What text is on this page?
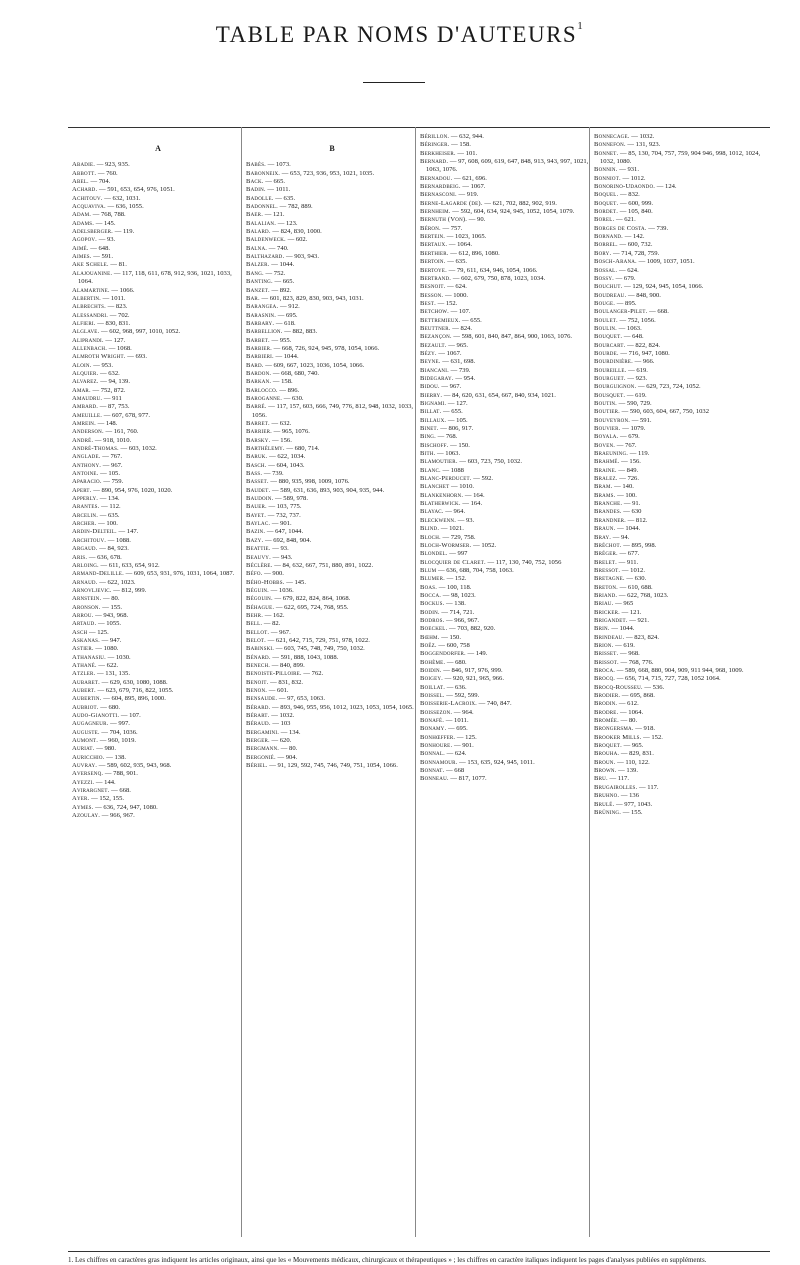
TABLE PAR NOMS D'AUTEURS$^1$
A
Abadie. — 923, 935.
Abbott. — 760.
Abel. — 704.
Achard. — 591, 653, 654, 976, 1051.
Achitouv. — 632, 1031.
Acquaviva. — 636, 1055.
Adam. — 768, 788.
Adams. — 145.
Adelsberger. — 119.
Agopov. — 93.
Aimé. — 648.
Aimes. — 591.
Ake Schele. — 81.
Alajouanine. — 117, 118, 611, 678, 912, 936, 1021, 1033, 1064.
Alamartine. — 1066.
Albertin. — 1011.
Albrechts. — 823.
Alessandri. — 702.
Alfieri. — 830, 831.
Alglave. — 602, 968, 997, 1010, 1052.
Aliprandi. — 127.
Allenbach. — 1068.
Almroth Wright. — 693.
Aloin. — 953.
Alquier. — 632.
Alvarez. — 94, 139.
Amar. — 752, 872.
Amaudru. — 911
Ambard. — 87, 753.
Ameuille. — 607, 678, 977.
Amrein. — 148.
Anderson. — 161, 760.
André. — 918, 1010.
André-Thomas. — 603, 1032.
Anglade. — 767.
Anthony. — 967.
Antoine. — 105.
Aparacio. — 759.
Apert. — 890, 954, 976, 1020, 1020.
Apperly. — 134.
Arantes. — 112.
Arcelin. — 635.
Archer. — 100.
Ardin-Delteil. — 147.
Architouv. — 1088.
Argaud. — 84, 923.
Aris. — 636, 678.
Arloing. — 611, 633, 654, 912.
Armand-Delille. — 609, 653, 931, 976, 1031, 1064, 1087.
Arnaud. — 622, 1023.
Arnovljevic. — 812, 999.
Arnstein. — 80.
Aronson. — 155.
Arrou. — 943, 968.
Artaud. — 1055.
Asch — 125.
Askanas. — 947.
Astier. — 1080.
Athanasiu. — 1030.
Athané. — 622.
Atzler. — 131, 135.
Aubaret. — 629, 630, 1080, 1088.
Aubert. — 623, 679, 716, 822, 1055.
Aubertin. — 604, 895, 896, 1000.
Aubriot. — 680.
Audo-Gianotti. — 107.
Augagneur. — 997.
Auguste. — 704, 1036.
Aumont. — 960, 1019.
Auriat. — 980.
Auricchio. — 138.
Auvray. — 589, 602, 935, 943, 968.
Aversenq. — 788, 901.
Ayezzi. — 144.
Avirargnet. — 668.
Ayer. — 152, 155.
Aymes. — 636, 724, 947, 1080.
Azoulay. — 966, 967.
B
Babès. — 1073.
Babonneix. — 653, 723, 936, 953, 1021, 1035.
Back. — 665.
Badin. — 1011.
Badolle. — 635.
Badonnel. — 782, 889.
Baer. — 121.
Balalian. — 123.
Balard. — 824, 830, 1000.
Baldenweck. — 602.
Balna. — 740.
Balthazard. — 903, 943.
Balzer. — 1044.
Bang. — 752.
Banting. — 665.
Banzet. — 892.
Bar. — 601, 823, 829, 830, 903, 943, 1031.
Barangea. — 912.
Barasnin. — 695.
Barbary. — 618.
Barbellion. — 882, 883.
Barbet. — 955.
Barbier. — 668, 726, 924, 945, 978, 1054, 1066.
Barbieri. — 1044.
Bard. — 609, 667, 1023, 1036, 1054, 1066.
Bardon. — 668, 680, 740.
Barkan. — 158.
Barlocco. — 896.
Baroganne. — 630.
Barré. — 117, 157, 603, 666, 749, 776, 812, 948, 1032, 1033, 1056.
Barret. — 632.
Barrier. — 965, 1076.
Barsky. — 156.
Barthélemy. — 680, 714.
Baruk. — 622, 1034.
Basch. — 604, 1043.
Bass. — 739.
Basset. — 880, 935, 998, 1009, 1076.
Baudet. — 589, 631, 636, 893, 903, 904, 935, 944.
Baudoin. — 589, 978.
Bauer. — 103, 775.
Bayet. — 732, 737.
Baylac. — 901.
Bazin. — 647, 1044.
Bazy. — 692, 848, 904.
Beattie. — 93.
Beauvy. — 943.
Béclère. — 84, 632, 667, 751, 880, 891, 1022.
Béfo. — 900.
Bého-Hobbs. — 145.
Béguin. — 1036.
Bégouin. — 679, 822, 824, 864, 1068.
Béhague. — 622, 695, 724, 768, 955.
Behr. — 162.
Bell. — 82.
Bellot. — 967.
Belot. — 621, 642, 715, 729, 751, 978, 1022.
Babinski. — 603, 745, 748, 749, 750, 1032.
Bénard. — 591, 888, 1043, 1088.
Benech. — 840, 899.
Benoiste-Pilloire. — 762.
Benoit. — 831, 832.
Benon. — 601.
Bensaude. — 97, 653, 1063.
Bérard. — 893, 946, 955, 956, 1012, 1023, 1053, 1054, 1065.
Bérart. — 1032.
Béraud. — 103
Bergamini. — 134.
Berger. — 620.
Bergmann. — 80.
Bergonié. — 904.
Bériel. — 91, 129, 592, 745, 746, 749, 751, 1054, 1066.
Bérillon. — 632, 944.
Béringer. — 158.
Berkheiser. — 101.
Bernard. — 97, 608, 609, 619, 647, 848, 913, 943, 997, 1021, 1063, 1076.
Bernadou. — 621, 696.
Bernardbeig. — 1067.
Bernasconi. — 919.
Berne-Lagarde (de). — 621, 702, 882, 902, 919.
Bernheim. — 592, 604, 634, 924, 945, 1052, 1054, 1079.
Bernuth (Von). — 90.
Béron. — 757.
Bertein. — 1023, 1065.
Bertaux. — 1064.
Berthier. — 612, 896, 1080.
Bertoin. — 635.
Bertoye. — 79, 611, 634, 946, 1054, 1066.
Bertrand. — 602, 679, 750, 878, 1023, 1034.
Besnoit. — 624.
Besson. — 1000.
Best. — 152.
Betchow. — 107.
Bettremieux. — 655.
Beuttner. — 824.
Bezançon. — 598, 601, 840, 847, 864, 900, 1063, 1076.
Bezault. — 965.
Bézy. — 1067.
Beyne. — 631, 698.
Biancani. — 739.
Bidegaray. — 954.
Bidou. — 967.
Bierry. — 84, 620, 631, 654, 667, 840, 934, 1021.
Bignami. — 127.
Billat. — 655.
Billaux. — 105.
Binet. — 806, 917.
Bing. — 768.
Bischoff. — 150.
Bith. — 1063.
Blamoutier. — 603, 723, 750, 1032.
Blanc. — 1088
Blanc-Perducet. — 592.
Blanchet — 1010.
Blankenhorn. — 164.
Blatherwick. — 164.
Blayac. — 964.
Bleckwenn. — 93.
Blind. — 1021.
Bloch. — 729, 758.
Bloch-Wormser. — 1052.
Blondel. — 997
Blocquier de Claret. — 117, 130, 740, 752, 1056
Blum — 636, 688, 704, 758, 1063.
Blumer. — 152.
Boas. — 100, 118.
Bocca. — 98, 1023.
Bockus. — 138.
Bodin. — 714, 721.
Bodros. — 966, 967.
Boeckel. — 703, 882, 920.
Bœhm. — 150.
Boëz. — 600, 758
Boggendorfer. — 149.
Bohème. — 680.
Boidin. — 846, 917, 976, 999.
Boigey. — 920, 921, 965, 966.
Boillat. — 636.
Boissel. — 592, 599.
Boisserie-Lacroix. — 740, 847.
Boissezon. — 964.
Bonafé. — 1011.
Bonamy. — 695.
Bonhœffer. — 125.
Bonhoure. — 901.
Bonnal. — 624.
Bonnamour. — 153, 635, 924, 945, 1011.
Bonnat. — 668
Bonneau. — 817, 1077.
Bonnecage. — 1032.
Bonnefon. — 131, 923.
Bonnet. — 85, 130, 704, 757, 759, 904 946, 998, 1012, 1024, 1032, 1080.
Bonnin. — 931.
Bonniot. — 1012.
Bonorino-Udaondo. — 124.
Boquel. — 832.
Boquet. — 600, 999.
Bordet. — 105, 840.
Borel. — 621.
Borges de Costa. — 739.
Bornand. — 142.
Borrel. — 600, 732.
Bory. — 714, 728, 759.
Bosch-Arana. — 1009, 1037, 1051.
Bossal. — 624.
Bossy. — 679.
Bouchut. — 129, 924, 945, 1054, 1066.
Boudreau. — 848, 900.
Bouge. — 895.
Boulanger-Pilet. — 668.
Boulet. — 752, 1056.
Boulin. — 1063.
Bouquet. — 648.
Bourcart. — 822, 824.
Bourde. — 716, 947, 1080.
Bourdinière. — 966.
Boureille. — 619.
Bourguet. — 923.
Bourguignon. — 629, 723, 724, 1052.
Bousquet. — 619.
Boutin. — 590, 729.
Boutier. — 590, 603, 604, 667, 750, 1032
Bouveyron. — 591.
Bouvier. — 1079.
Boyala. — 679.
Boven. — 767.
Braeuning. — 119.
Brahmé. — 156.
Braine. — 849.
Bralez. — 726.
Bram. — 140.
Brams. — 100.
Branche. — 91.
Brandes. — 630
Brandner. — 812.
Braun. — 1044.
Bray. — 94.
Bréchot. — 895, 998.
Bréger. — 677.
Brelet. — 911.
Bressot. — 1012.
Bretagne. — 630.
Breton. — 610, 688.
Briand. — 622, 768, 1023.
Briau. — 965
Bricker. — 121.
Brigandet. — 921.
Brin. — 1044.
Brindeau. — 823, 824.
Brion. — 619.
Brisset. — 968.
Brissot. — 768, 776.
Broca. — 589, 668, 880, 904, 909, 911 944, 968, 1009.
Brocq. — 656, 714, 715, 727, 728, 1052 1064.
Brocq-Rousseu. — 536.
Brodier. — 695, 868.
Brodin. — 612.
Brodre. — 1064.
Bromée. — 80.
Brongersma. — 918.
Brooker Mills. — 152.
Broquet. — 965.
Brouha. — 829, 831.
Broun. — 110, 122.
Brown. — 139.
Bru. — 117.
Brugairolles. — 117.
Bruhno. — 136
Brulé. — 977, 1043.
Brüning. — 155.
1. Les chiffres en caractères gras indiquent les articles originaux, ainsi que les « Mouvements médicaux, chirurgicaux et thérapeutiques » ; les chiffres en caractère italiques indiquent les pages d'analyses publiées en suppléments.
